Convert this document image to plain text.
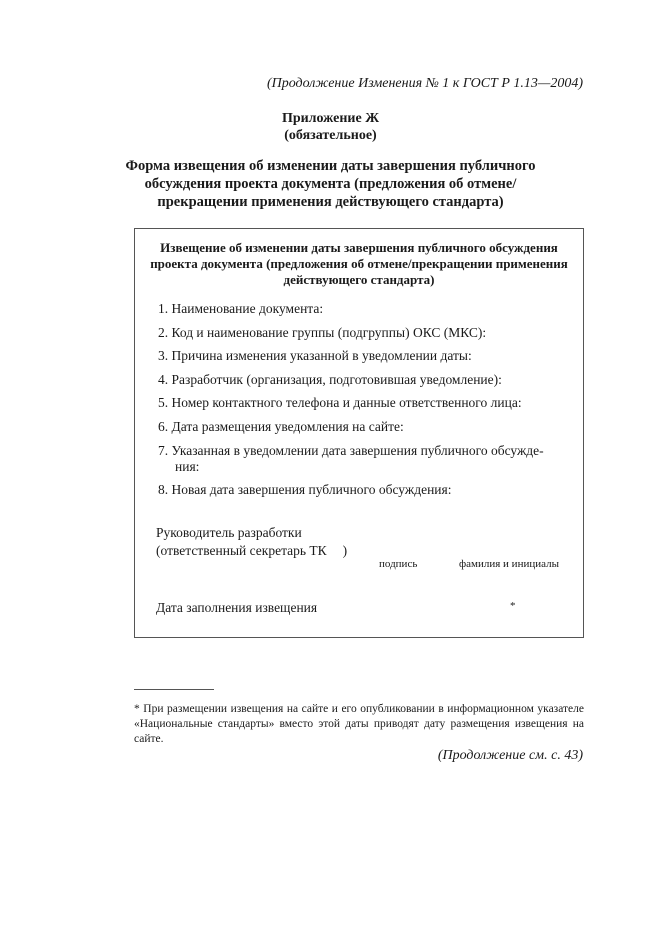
(Продолжение Изменения № 1 к ГОСТ Р 1.13—2004)
Приложение Ж
(обязательное)
Форма извещения об изменении даты завершения публичного
обсуждения проекта документа (предложения об отмене/
прекращении применения действующего стандарта)
Извещение об изменении даты завершения публичного обсуждения
проекта документа (предложения об отмене/прекращении применения
действующего стандарта)
1. Наименование документа:
2. Код и наименование группы (подгруппы) ОКС (МКС):
3. Причина изменения указанной в уведомлении даты:
4. Разработчик (организация, подготовившая уведомление):
5. Номер контактного телефона и данные ответственного лица:
6. Дата размещения уведомления на сайте:
7. Указанная в уведомлении дата завершения публичного обсужде-
ния:
8. Новая дата завершения публичного обсуждения:
Руководитель разработки
(ответственный секретарь ТК )
подпись	фамилия и инициалы
Дата заполнения извещения	*
* При размещении извещения на сайте и его опубликовании в информационном указателе «Национальные стандарты» вместо этой даты приводят дату размещения извещения на сайте.
(Продолжение см. с. 43)
